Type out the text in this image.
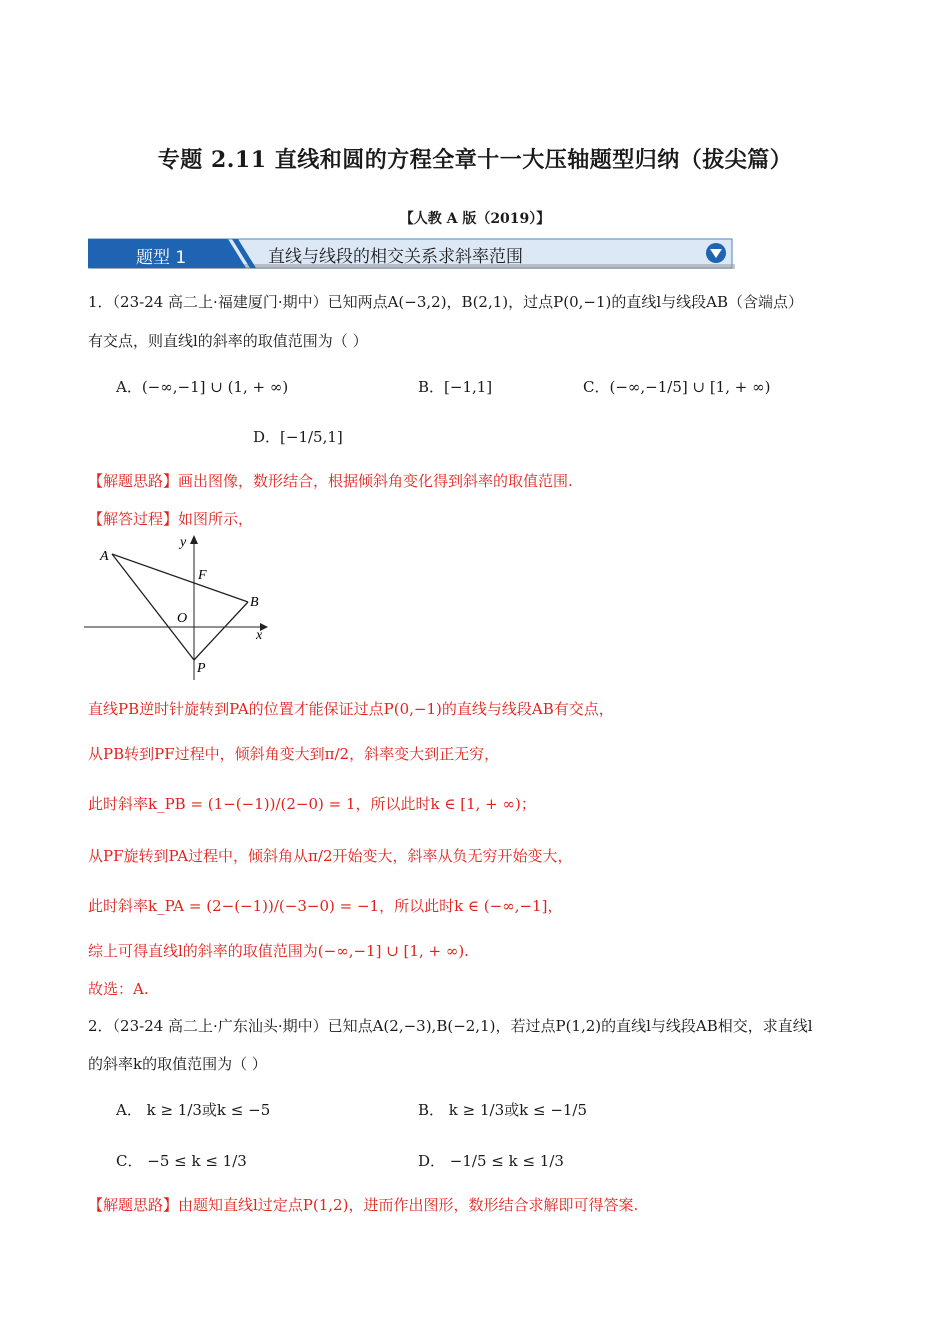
专题 2.11 直线和圆的方程全章十一大压轴题型归纳（拔尖篇）
【人教 A 版（2019）】
题型 1	直线与线段的相交关系求斜率范围
1．（23-24 高二上·福建厦门·期中）已知两点A(−3,2)，B(2,1)，过点P(0,−1)的直线l与线段AB（含端点）
有交点，则直线l的斜率的取值范围为（ ）
A．(−∞,−1] ∪ (1, + ∞)	B．[−1,1]	C．(−∞,−1/5] ∪ [1, + ∞)
D．[−1/5,1]
【解题思路】画出图像，数形结合，根据倾斜角变化得到斜率的取值范围.
【解答过程】如图所示，
A
B
F
O
P
x
y
直线PB逆时针旋转到PA的位置才能保证过点P(0,−1)的直线与线段AB有交点，
从PB转到PF过程中，倾斜角变大到π/2，斜率变大到正无穷，
此时斜率k_PB = (1−(−1))/(2−0) = 1，所以此时k ∈ [1, + ∞)；
从PF旋转到PA过程中，倾斜角从π/2开始变大，斜率从负无穷开始变大，
此时斜率k_PA = (2−(−1))/(−3−0) = −1，所以此时k ∈ (−∞,−1]，
综上可得直线l的斜率的取值范围为(−∞,−1] ∪ [1, + ∞).
故选：A.
2．（23-24 高二上·广东汕头·期中）已知点A(2,−3),B(−2,1)，若过点P(1,2)的直线l与线段AB相交，求直线l
的斜率k的取值范围为（ ）
A． k ≥ 1/3或k ≤ −5	B． k ≥ 1/3或k ≤ −1/5
C． −5 ≤ k ≤ 1/3	D． −1/5 ≤ k ≤ 1/3
【解题思路】由题知直线l过定点P(1,2)，进而作出图形，数形结合求解即可得答案.
